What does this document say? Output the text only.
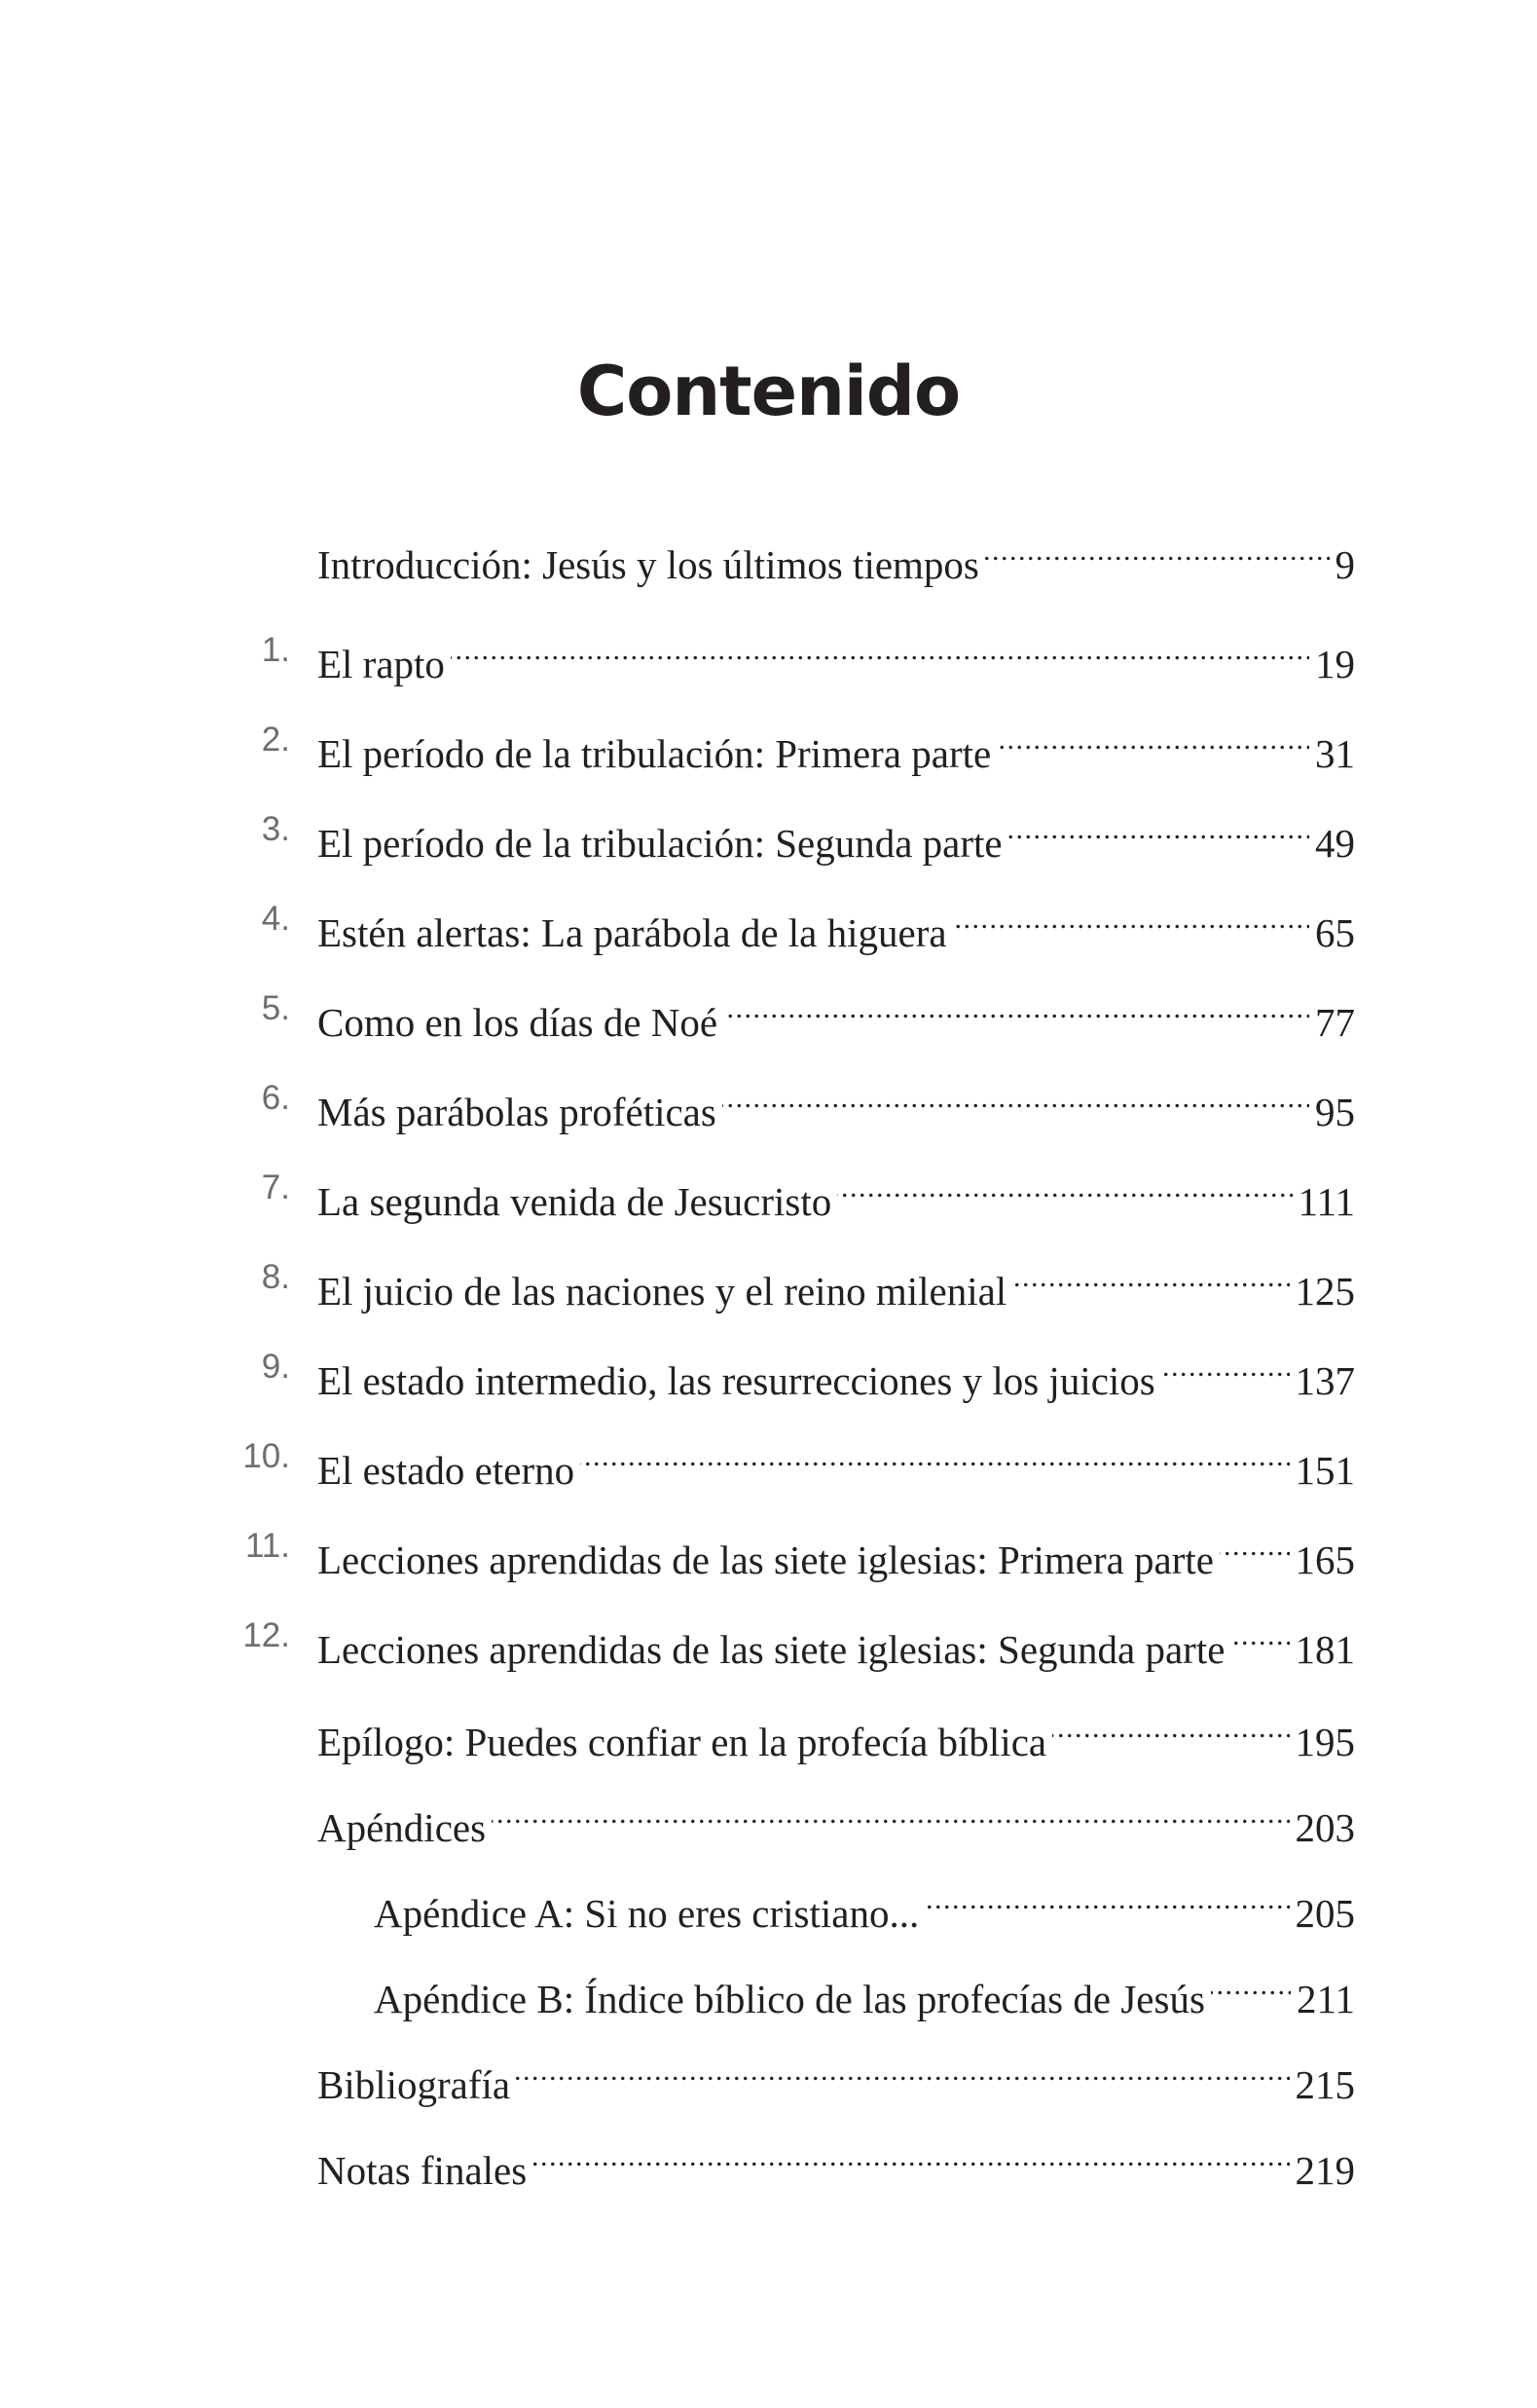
Contenido
Introducción: Jesús y los últimos tiempos . . .	9
1. El rapto . . .	19
2. El período de la tribulación: Primera parte . . .	31
3. El período de la tribulación: Segunda parte . . .	49
4. Estén alertas: La parábola de la higuera . . .	65
5. Como en los días de Noé . . .	77
6. Más parábolas proféticas . . .	95
7. La segunda venida de Jesucristo . . .	111
8. El juicio de las naciones y el reino milenial . . .	125
9. El estado intermedio, las resurrecciones y los juicios . . .	137
10. El estado eterno . . .	151
11. Lecciones aprendidas de las siete iglesias: Primera parte . . . 165
12. Lecciones aprendidas de las siete iglesias: Segunda parte . . . 181
Epílogo: Puedes confiar en la profecía bíblica . . .	195
Apéndices . . .	203
Apéndice A: Si no eres cristiano... . . .	205
Apéndice B: Índice bíblico de las profecías de Jesús . . . 211
Bibliografía . . .	215
Notas finales . . .	219
